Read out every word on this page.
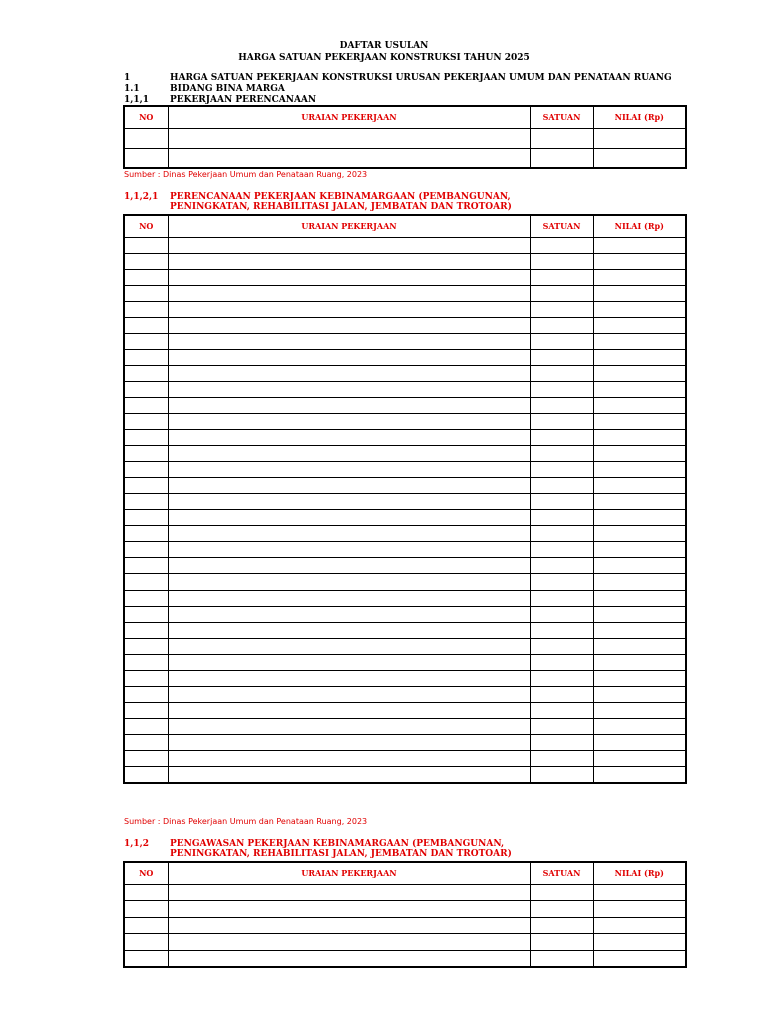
DAFTAR USULAN
HARGA SATUAN PEKERJAAN KONSTRUKSI TAHUN 2025
1	HARGA SATUAN PEKERJAAN KONSTRUKSI URUSAN PEKERJAAN UMUM DAN PENATAAN RUANG
1.1	BIDANG BINA MARGA
1,1,1 PEKERJAAN PERENCANAAN
NO	URAIAN PEKERJAAN	SATUAN	NILAI (Rp)

Sumber : Dinas Pekerjaan Umum dan Penataan Ruang, 2023
1,1,2,1 PERENCANAAN PEKERJAAN KEBINAMARGAAN (PEMBANGUNAN,
PENINGKATAN, REHABILITASI JALAN, JEMBATAN DAN TROTOAR)
NO	URAIAN PEKERJAAN	SATUAN	NILAI (Rp)

Sumber : Dinas Pekerjaan Umum dan Penataan Ruang, 2023
1,1,2 PENGAWASAN PEKERJAAN KEBINAMARGAAN (PEMBANGUNAN,
PENINGKATAN, REHABILITASI JALAN, JEMBATAN DAN TROTOAR)
NO	URAIAN PEKERJAAN	SATUAN	NILAI (Rp)
